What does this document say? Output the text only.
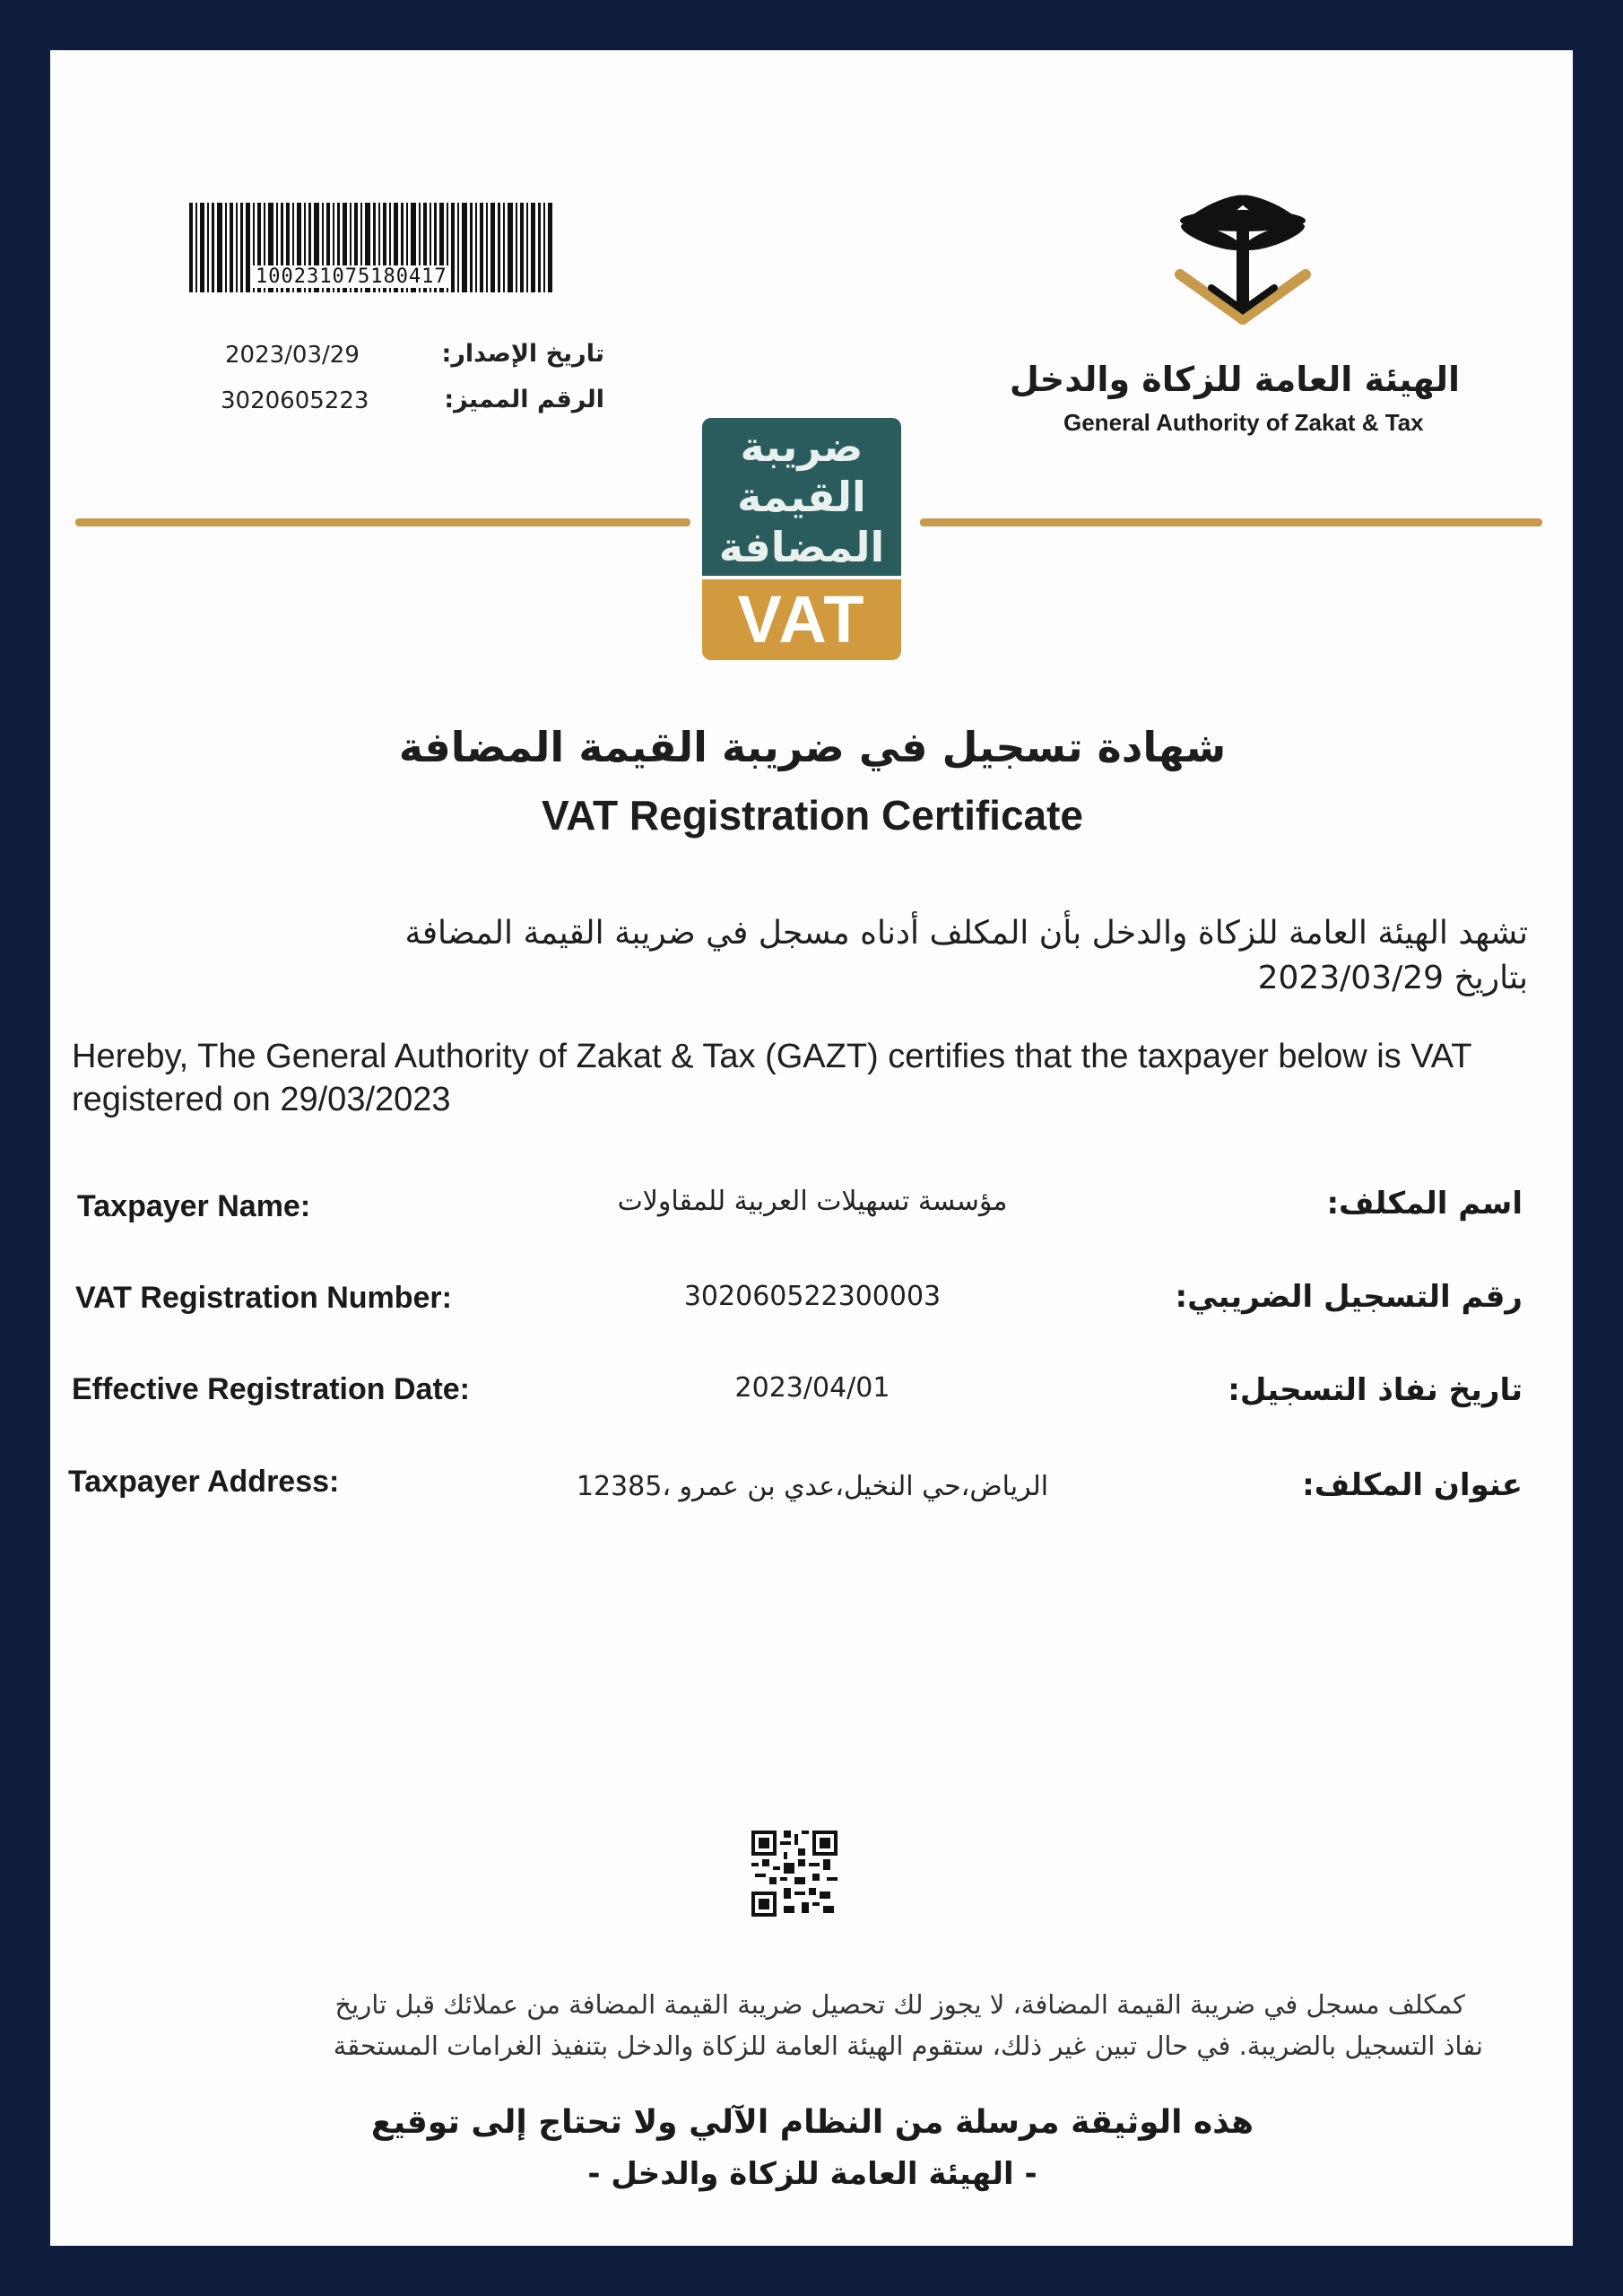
100231075180417
2023/03/29	تاريخ الإصدار:
3020605223	الرقم المميز:
الهيئة العامة للزكاة والدخل
General Authority of Zakat & Tax
ضريبة
القيمة
المضافة
VAT
شهادة تسجيل في ضريبة القيمة المضافة
VAT Registration Certificate
تشهد الهيئة العامة للزكاة والدخل بأن المكلف أدناه مسجل في ضريبة القيمة المضافة
بتاريخ 2023/03/29
Hereby, The General Authority of Zakat & Tax (GAZT) certifies that the taxpayer below is VAT registered on 29/03/2023
Taxpayer Name:	مؤسسة تسهيلات العربية للمقاولات	اسم المكلف:
VAT Registration Number:	302060522300003	رقم التسجيل الضريبي:
Effective Registration Date:	2023/04/01	تاريخ نفاذ التسجيل:
Taxpayer Address:	الرياض،حي النخيل،عدي بن عمرو ،12385	عنوان المكلف:
كمكلف مسجل في ضريبة القيمة المضافة، لا يجوز لك تحصيل ضريبة القيمة المضافة من عملائك قبل تاريخ
نفاذ التسجيل بالضريبة. في حال تبين غير ذلك، ستقوم الهيئة العامة للزكاة والدخل بتنفيذ الغرامات المستحقة
هذه الوثيقة مرسلة من النظام الآلي ولا تحتاج إلى توقيع
- الهيئة العامة للزكاة والدخل -
